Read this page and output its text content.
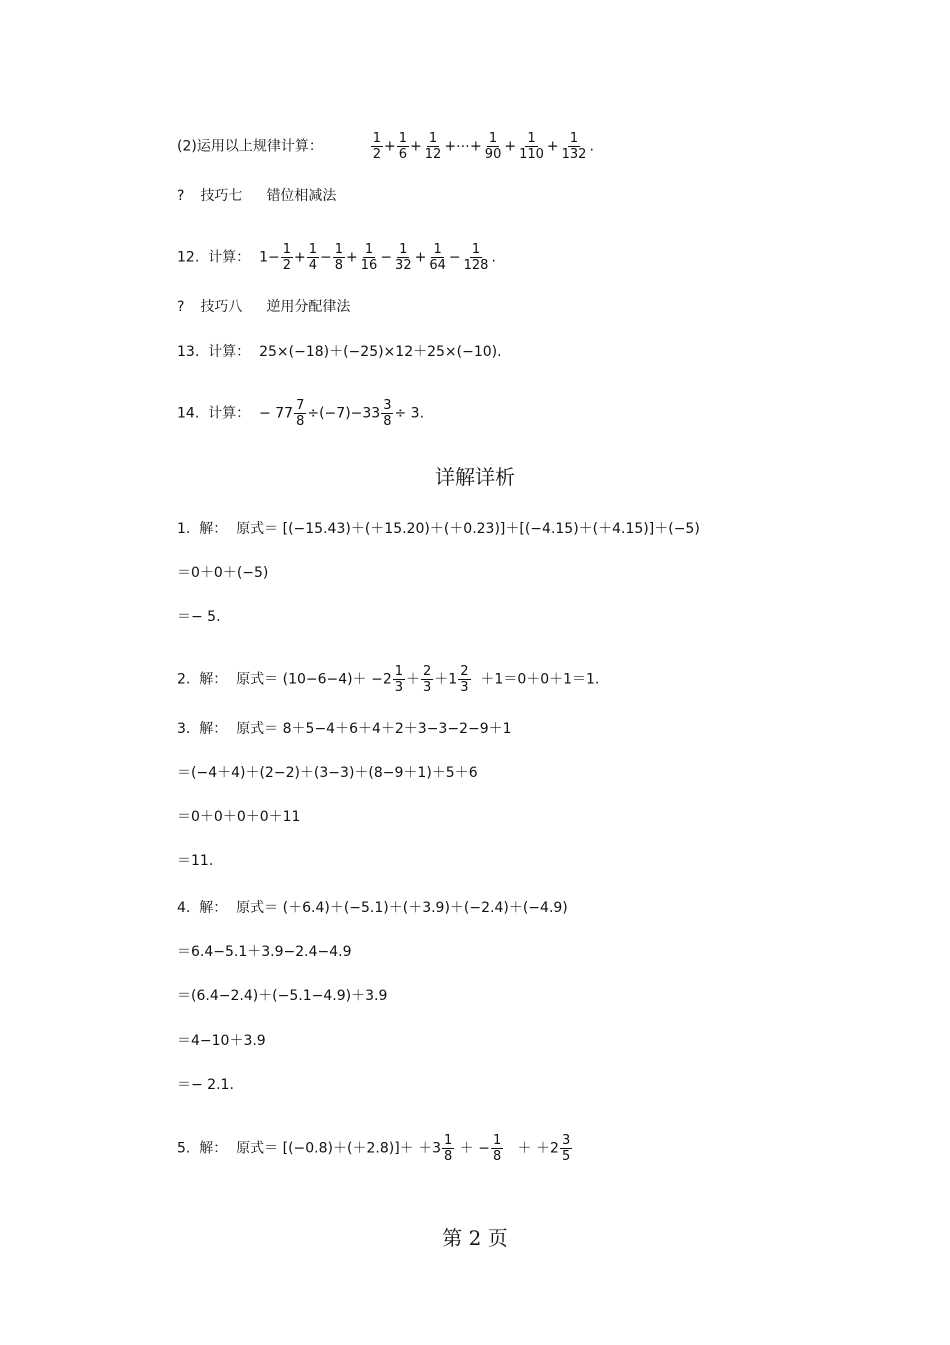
(2)运用以上规律计算：	$\frac{1}{2} + \frac{1}{6} + \frac{1}{12}$ +⋯+ $\frac{1}{90} + \frac{1}{110} + \frac{1}{132}$ .
? 技巧七 错位相减法
12. 计算： $1- \frac{1}{2} + \frac{1}{4} - \frac{1}{8} + \frac{1}{16} - \frac{1}{32} + \frac{1}{64} - \frac{1}{128}$ .
? 技巧八 逆用分配律法
13. 计算： 25×(−18)＋(−25)×12＋25×(−10).
14. 计算： − $77 \frac{7}{8} \div(-7)-33 \frac{3}{8} \div 3$.
详解详析
1. 解： 原式＝ [(−15.43)＋(＋15.20)＋(＋0.23)]＋[(−4.15)＋(＋4.15)]＋(−5)
＝0＋0＋(−5)
＝− 5.
2. 解： 原式＝ $(10-6-4)+ -2 \frac{1}{3} + \frac{2}{3} +1 \frac{2}{3} +1=0+0+1=1$.
3. 解： 原式＝ 8＋5−4＋6＋4＋2＋3−3−2−9＋1
＝(−4＋4)＋(2−2)＋(3−3)＋(8−9＋1)＋5＋6
＝0＋0＋0＋0＋11
＝11.
4. 解： 原式＝ (＋6.4)＋(−5.1)＋(＋3.9)＋(−2.4)＋(−4.9)
＝6.4−5.1＋3.9−2.4−4.9
＝(6.4−2.4)＋(−5.1−4.9)＋3.9
＝4−10＋3.9
＝− 2.1.
5. 解： 原式＝ $[(-0.8)+(+2.8)]+ +3 \frac{1}{8}$ ＋ − $\frac{1}{8} + +2 \frac{3}{5}$
第 2 页
